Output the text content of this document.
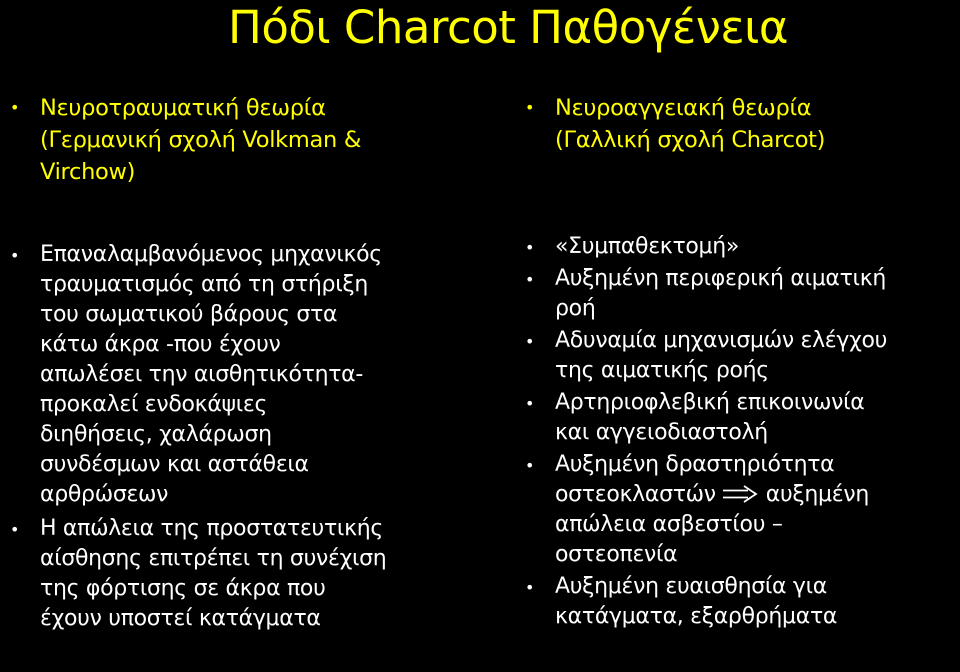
Πόδι Charcot Παθογένεια
• Νευροτραυματική θεωρία
(Γερμανική σχολή Volkman &
Virchow)
• Επαναλαμβανόμενος μηχανικός
τραυματισμός από τη στήριξη
του σωματικού βάρους στα
κάτω άκρα -που έχουν
απωλέσει την αισθητικότητα-
προκαλεί ενδοκάψιες
διηθήσεις, χαλάρωση
συνδέσμων και αστάθεια
αρθρώσεων
• Η απώλεια της προστατευτικής
αίσθησης επιτρέπει τη συνέχιση
της φόρτισης σε άκρα που
έχουν υποστεί κατάγματα
• Νευροαγγειακή θεωρία
(Γαλλική σχολή Charcot)
• «Συμπαθεκτομή»
• Αυξημένη περιφερική αιματική
ροή
• Αδυναμία μηχανισμών ελέγχου
της αιματικής ροής
• Αρτηριοφλεβική επικοινωνία
και αγγειοδιαστολή
• Αυξημένη δραστηριότητα
οστεοκλαστών αυξημένη
απώλεια ασβεστίου –
οστεοπενία
• Αυξημένη ευαισθησία για
κατάγματα, εξαρθρήματα
